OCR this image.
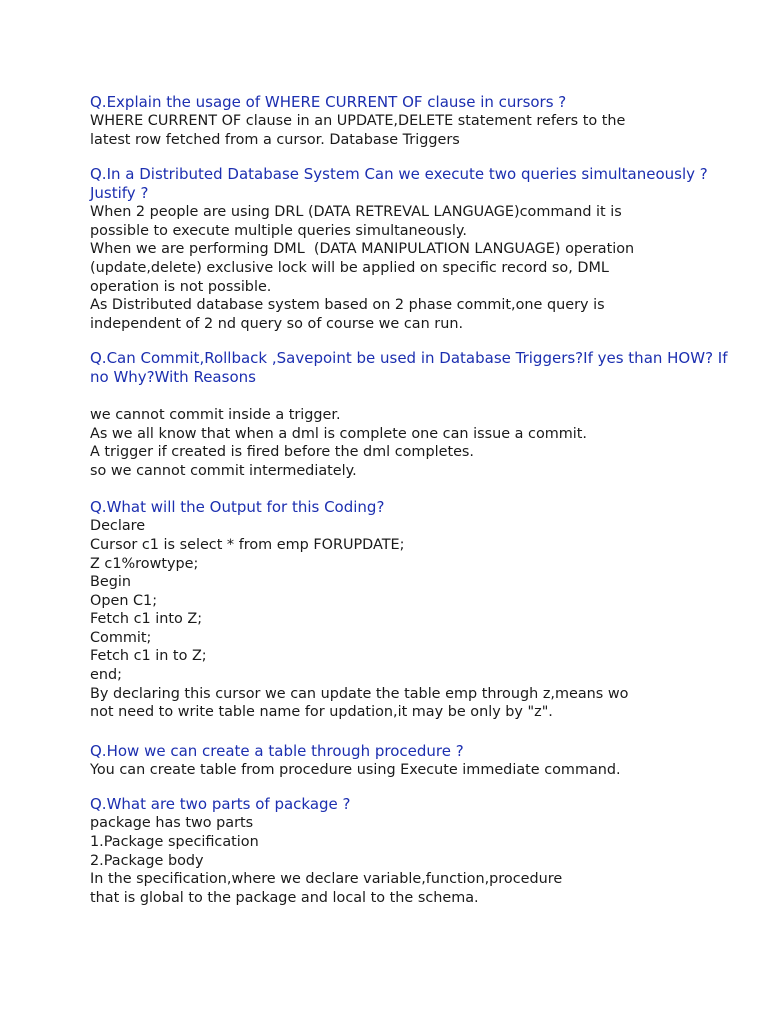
Q.Explain the usage of WHERE CURRENT OF clause in cursors ?
WHERE CURRENT OF clause in an UPDATE,DELETE statement refers to the
latest row fetched from a cursor. Database Triggers
Q.In a Distributed Database System Can we execute two queries simultaneously ? Justify ?
When 2 people are using DRL (DATA RETREVAL LANGUAGE)command it is
possible to execute multiple queries simultaneously.
When we are performing DML  (DATA MANIPULATION LANGUAGE) operation
(update,delete) exclusive lock will be applied on specific record so, DML
operation is not possible.
As Distributed database system based on 2 phase commit,one query is
independent of 2 nd query so of course we can run.
Q.Can Commit,Rollback ,Savepoint be used in Database Triggers?If yes than HOW? If no Why?With Reasons
we cannot commit inside a trigger.
As we all know that when a dml is complete one can issue a commit.
A trigger if created is fired before the dml completes.
so we cannot commit intermediately.
Q.What will the Output for this Coding?
Declare
Cursor c1 is select * from emp FORUPDATE;
Z c1%rowtype;
Begin
Open C1;
Fetch c1 into Z;
Commit;
Fetch c1 in to Z;
end;
By declaring this cursor we can update the table emp through z,means wo
not need to write table name for updation,it may be only by "z".
Q.How we can create a table through procedure ?
You can create table from procedure using Execute immediate command.
Q.What are two parts of package ?
package has two parts
1.Package specification
2.Package body
In the specification,where we declare variable,function,procedure
that is global to the package and local to the schema.
